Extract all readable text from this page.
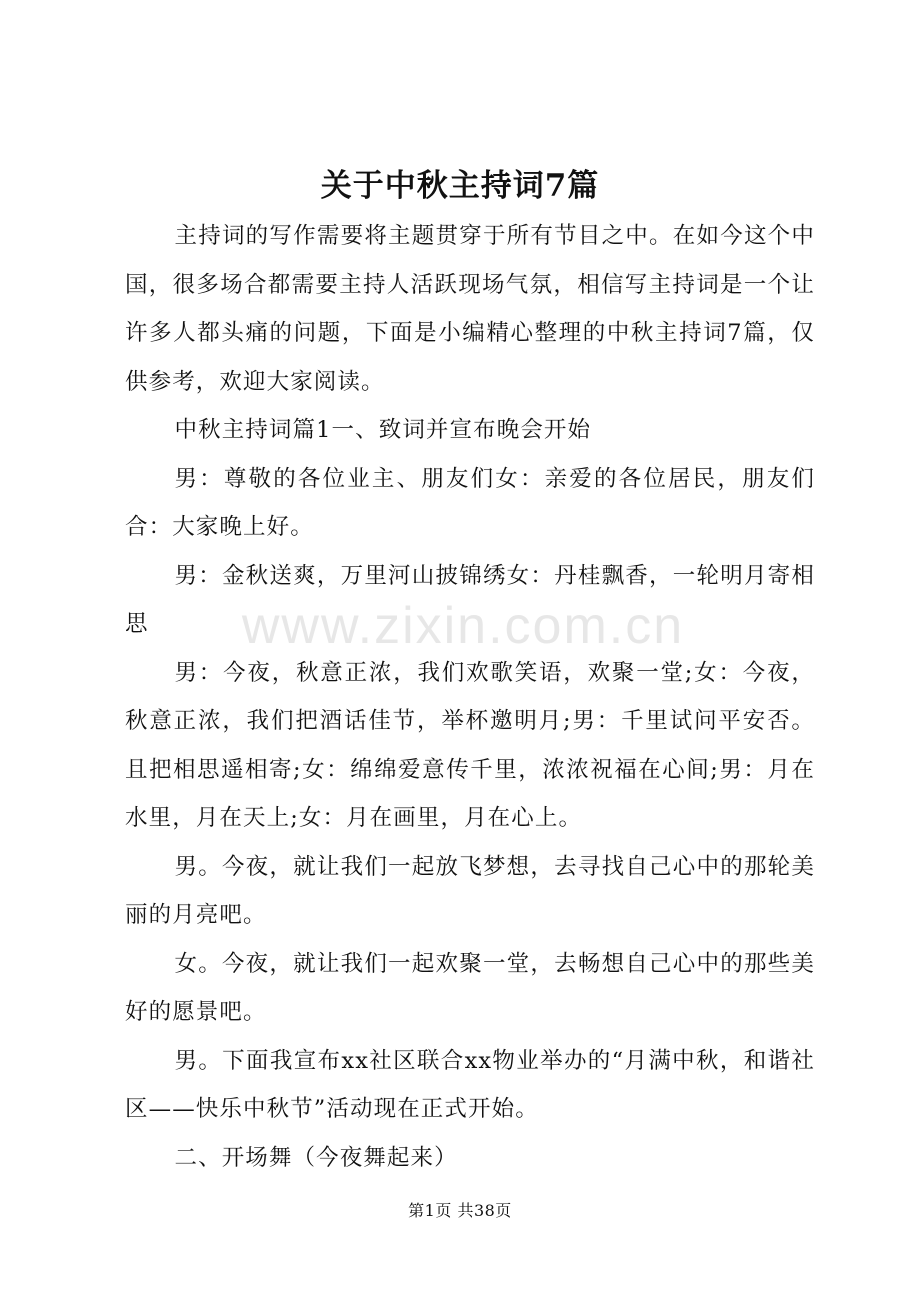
关于中秋主持词7篇

主持词的写作需要将主题贯穿于所有节目之中。在如今这个中国，很多场合都需要主持人活跃现场气氛，相信写主持词是一个让许多人都头痛的问题，下面是小编精心整理的中秋主持词7篇，仅供参考，欢迎大家阅读。

中秋主持词篇1一、致词并宣布晚会开始

男：尊敬的各位业主、朋友们女：亲爱的各位居民，朋友们合：大家晚上好。

男：金秋送爽，万里河山披锦绣女：丹桂飘香，一轮明月寄相思

男：今夜，秋意正浓，我们欢歌笑语，欢聚一堂;女：今夜，秋意正浓，我们把酒话佳节，举杯邀明月;男：千里试问平安否。且把相思遥相寄;女：绵绵爱意传千里，浓浓祝福在心间;男：月在水里，月在天上;女：月在画里，月在心上。

男。今夜，就让我们一起放飞梦想，去寻找自己心中的那轮美丽的月亮吧。

女。今夜，就让我们一起欢聚一堂，去畅想自己心中的那些美好的愿景吧。

男。下面我宣布xx社区联合xx物业举办的“月满中秋，和谐社区——快乐中秋节”活动现在正式开始。

二、开场舞（今夜舞起来）

www.zixin.com.cn
第1页 共38页
